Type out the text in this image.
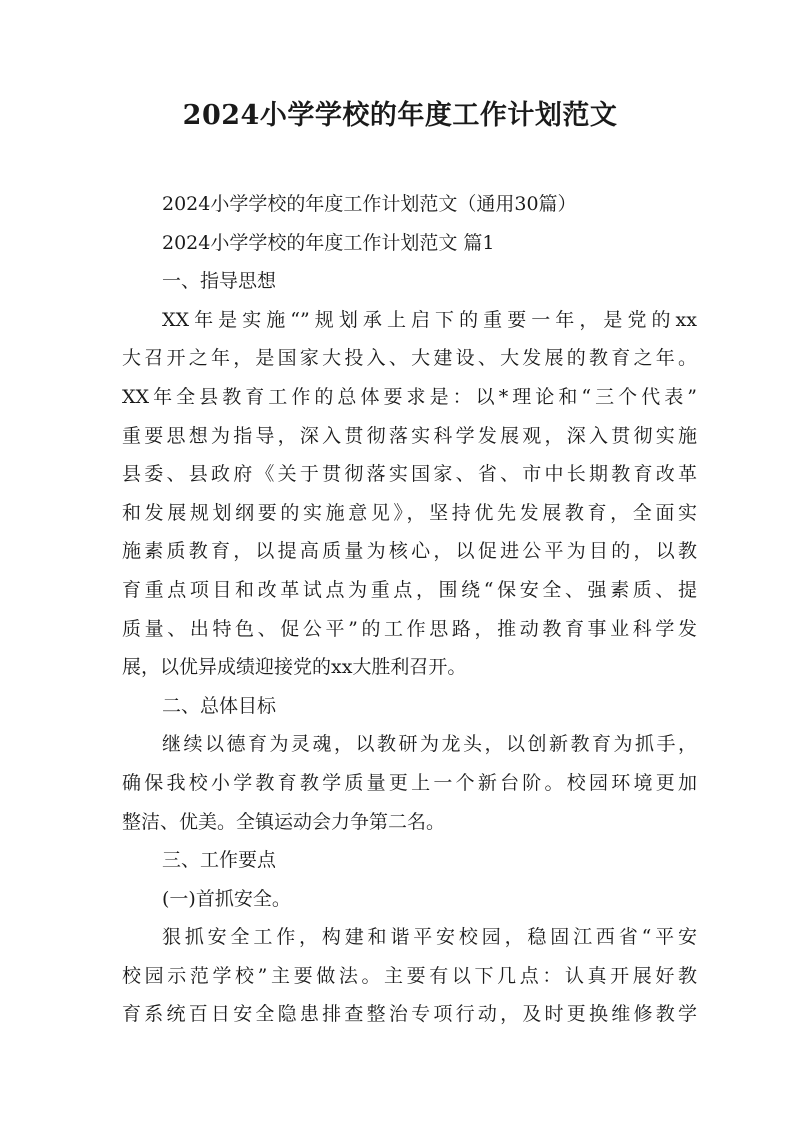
2024小学学校的年度工作计划范文
2024小学学校的年度工作计划范文（通用30篇）
2024小学学校的年度工作计划范文 篇1
一、指导思想
XX年是实施“”规划承上启下的重要一年，是党的xx
大召开之年，是国家大投入、大建设、大发展的教育之年。
XX年全县教育工作的总体要求是：以*理论和“三个代表”
重要思想为指导，深入贯彻落实科学发展观，深入贯彻实施
县委、县政府《关于贯彻落实国家、省、市中长期教育改革
和发展规划纲要的实施意见》，坚持优先发展教育，全面实
施素质教育，以提高质量为核心，以促进公平为目的，以教
育重点项目和改革试点为重点，围绕“保安全、强素质、提
质量、出特色、促公平”的工作思路，推动教育事业科学发
展，以优异成绩迎接党的xx大胜利召开。
二、总体目标
继续以德育为灵魂，以教研为龙头，以创新教育为抓手，
确保我校小学教育教学质量更上一个新台阶。校园环境更加
整洁、优美。全镇运动会力争第二名。
三、工作要点
(一)首抓安全。
狠抓安全工作，构建和谐平安校园，稳固江西省“平安
校园示范学校”主要做法。主要有以下几点：认真开展好教
育系统百日安全隐患排查整治专项行动，及时更换维修教学
